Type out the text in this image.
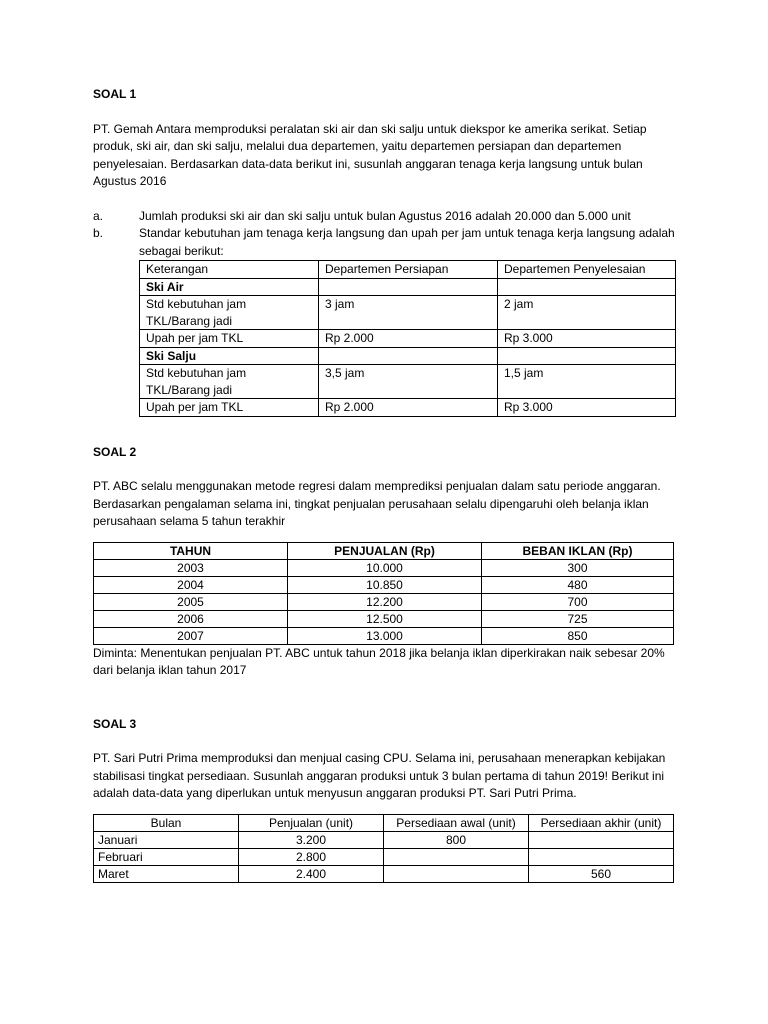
SOAL 1

PT. Gemah Antara memproduksi peralatan ski air dan ski salju untuk diekspor ke amerika serikat. Setiap produk, ski air, dan ski salju, melalui dua departemen, yaitu departemen persiapan dan departemen penyelesaian. Berdasarkan data-data berikut ini, susunlah anggaran tenaga kerja langsung untuk bulan Agustus 2016

a.	Jumlah produksi ski air dan ski salju untuk bulan Agustus 2016 adalah 20.000 dan 5.000 unit
b.	Standar kebutuhan jam tenaga kerja langsung dan upah per jam untuk tenaga kerja langsung adalah sebagai berikut:
Keterangan	Departemen Persiapan	Departemen Penyelesaian
Ski Air		
Std kebutuhan jam TKL/Barang jadi	3 jam	2 jam
Upah per jam TKL	Rp 2.000	Rp 3.000
Ski Salju		
Std kebutuhan jam TKL/Barang jadi	3,5 jam	1,5 jam
Upah per jam TKL	Rp 2.000	Rp 3.000

SOAL 2

PT. ABC selalu menggunakan metode regresi dalam memprediksi penjualan dalam satu periode anggaran. Berdasarkan pengalaman selama ini, tingkat penjualan perusahaan selalu dipengaruhi oleh belanja iklan perusahaan selama 5 tahun terakhir

TAHUN	PENJUALAN (Rp)	BEBAN IKLAN (Rp)
2003	10.000	300
2004	10.850	480
2005	12.200	700
2006	12.500	725
2007	13.000	850

Diminta: Menentukan penjualan PT. ABC untuk tahun 2018 jika belanja iklan diperkirakan naik sebesar 20% dari belanja iklan tahun 2017

SOAL 3

PT. Sari Putri Prima memproduksi dan menjual casing CPU. Selama ini, perusahaan menerapkan kebijakan stabilisasi tingkat persediaan. Susunlah anggaran produksi untuk 3 bulan pertama di tahun 2019! Berikut ini adalah data-data yang diperlukan untuk menyusun anggaran produksi PT. Sari Putri Prima.

Bulan	Penjualan (unit)	Persediaan awal (unit)	Persediaan akhir (unit)
Januari	3.200	800	
Februari	2.800		
Maret	2.400		560
